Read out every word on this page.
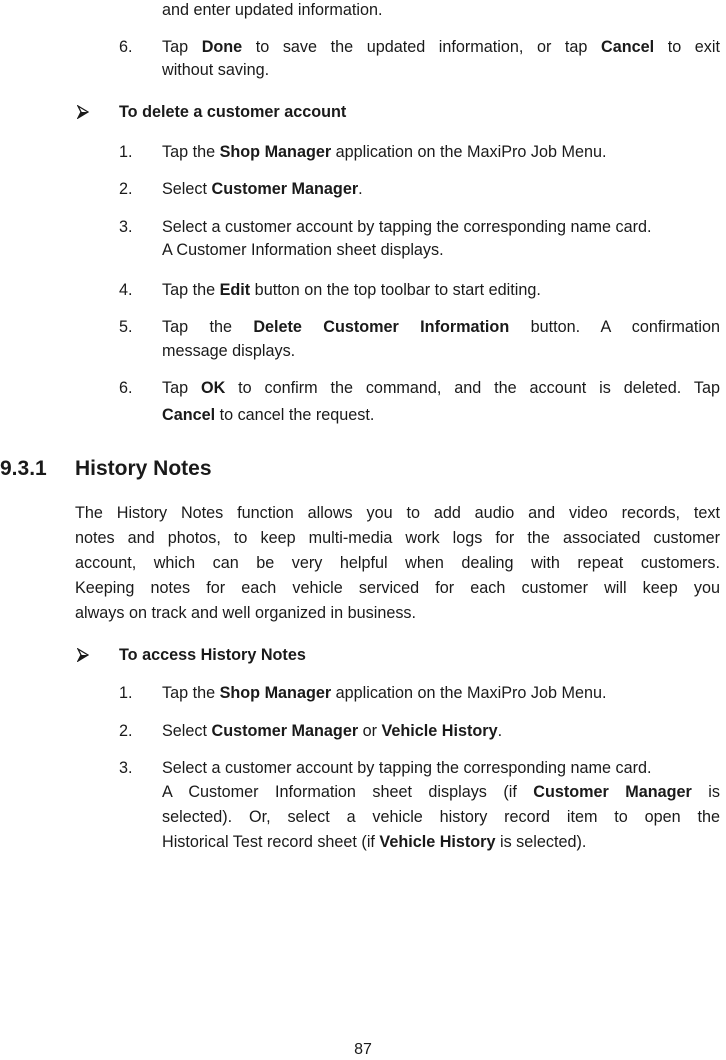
and enter updated information.
6. Tap Done to save the updated information, or tap Cancel to exit
without saving.
To delete a customer account
1. Tap the Shop Manager application on the MaxiPro Job Menu.
2. Select Customer Manager.
3. Select a customer account by tapping the corresponding name card.
A Customer Information sheet displays.
4. Tap the Edit button on the top toolbar to start editing.
5. Tap the Delete Customer Information button. A confirmation
message displays.
6. Tap OK to confirm the command, and the account is deleted. Tap
Cancel to cancel the request.
9.3.1 History Notes
The History Notes function allows you to add audio and video records, text
notes and photos, to keep multi-media work logs for the associated customer
account, which can be very helpful when dealing with repeat customers.
Keeping notes for each vehicle serviced for each customer will keep you
always on track and well organized in business.
To access History Notes
1. Tap the Shop Manager application on the MaxiPro Job Menu.
2. Select Customer Manager or Vehicle History.
3. Select a customer account by tapping the corresponding name card.
A Customer Information sheet displays (if Customer Manager is
selected). Or, select a vehicle history record item to open the
Historical Test record sheet (if Vehicle History is selected).
87
